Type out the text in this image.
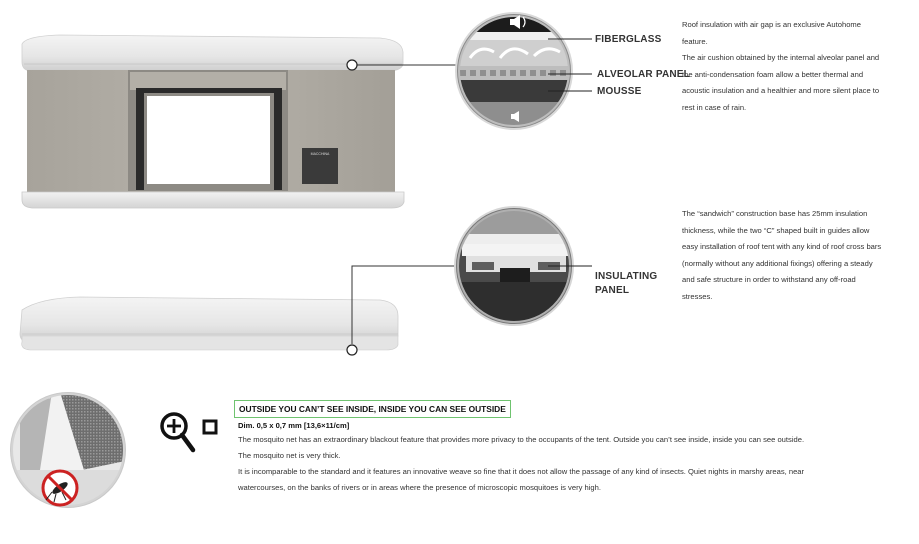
MACCHINA
FIBERGLASS
ALVEOLAR PANEL
MOUSSE
INSULATING
PANEL

Roof insulation with air gap is an exclusive Autohome

feature.

The air cushion obtained by the internal alveolar panel and

the anti-condensation foam allow a better thermal and

acoustic insulation and a healthier and more silent place to

rest in case of rain.

The “sandwich” construction base has 25mm insulation

thickness, while the two “C” shaped built in guides allow

easy installation of roof tent with any kind of roof cross bars

(normally without any additional fixings) offering a steady

and safe structure in order to withstand any off-road

stresses.

OUTSIDE YOU CAN’T SEE INSIDE, INSIDE YOU CAN SEE OUTSIDE
Dim. 0,5 x 0,7 mm [13,6×11/cm]

The mosquito net has an extraordinary blackout feature that provides more privacy to the occupants of the tent. Outside you can’t see inside, inside you can see outside.

The mosquito net is very thick.

It is incomparable to the standard and it features an innovative weave so fine that it does not allow the passage of any kind of insects. Quiet nights in marshy areas, near

watercourses, on the banks of rivers or in areas where the presence of microscopic mosquitoes is very high.
